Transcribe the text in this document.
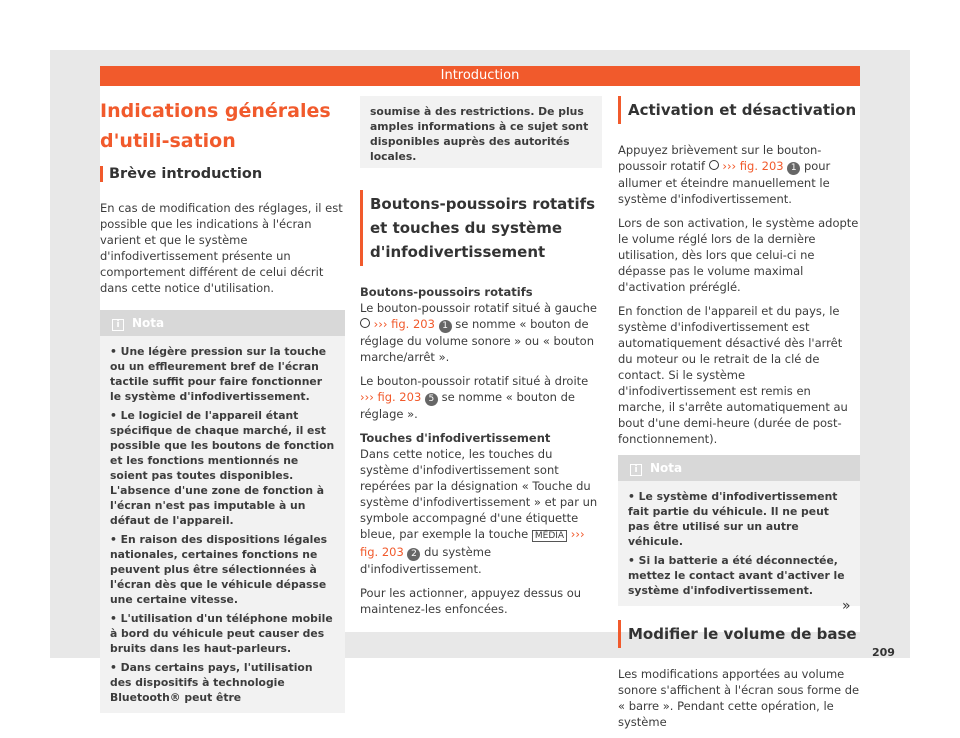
Introduction
Indications générales d'utili-sation
Brève introduction

En cas de modification des réglages, il est possible que les indications à l'écran varient et que le système d'infodivertissement présente un comportement différent de celui décrit dans cette notice d'utilisation.

i Nota
• Une légère pression sur la touche ou un effleurement bref de l'écran tactile suffit pour faire fonctionner le système d'infodivertissement.
• Le logiciel de l'appareil étant spécifique de chaque marché, il est possible que les boutons de fonction et les fonctions mentionnés ne soient pas toutes disponibles. L'absence d'une zone de fonction à l'écran n'est pas imputable à un défaut de l'appareil.
• En raison des dispositions légales nationales, certaines fonctions ne peuvent plus être sélectionnées à l'écran dès que le véhicule dépasse une certaine vitesse.
• L'utilisation d'un téléphone mobile à bord du véhicule peut causer des bruits dans les haut-parleurs.
• Dans certains pays, l'utilisation des dispositifs à technologie Bluetooth® peut être
soumise à des restrictions. De plus amples informations à ce sujet sont disponibles auprès des autorités locales.
Boutons-poussoirs rotatifs et touches du système d'infodivertissement
Boutons-poussoirs rotatifs

Le bouton-poussoir rotatif situé à gauche  ››› fig. 203 1 se nomme « bouton de réglage du volume sonore » ou « bouton marche/arrêt ».

Le bouton-poussoir rotatif situé à droite ››› fig. 203 5 se nomme « bouton de réglage ».

Touches d'infodivertissement

Dans cette notice, les touches du système d'infodivertissement sont repérées par la désignation « Touche du système d'infodivertissement » et par un symbole accompagné d'une étiquette bleue, par exemple la touche MÉDIA ››› fig. 203 2 du système d'infodivertissement.

Pour les actionner, appuyez dessus ou maintenez-les enfoncées.

Activation et désactivation

Appuyez brièvement sur le bouton-poussoir rotatif ››› fig. 203 1 pour allumer et éteindre manuellement le système d'infodivertissement.

Lors de son activation, le système adopte le volume réglé lors de la dernière utilisation, dès lors que celui-ci ne dépasse pas le volume maximal d'activation préréglé.

En fonction de l'appareil et du pays, le système d'infodivertissement est automatiquement désactivé dès l'arrêt du moteur ou le retrait de la clé de contact. Si le système d'infodivertissement est remis en marche, il s'arrête automatiquement au bout d'une demi-heure (durée de post-fonctionnement).

i Nota
• Le système d'infodivertissement fait partie du véhicule. Il ne peut pas être utilisé sur un autre véhicule.
• Si la batterie a été déconnectée, mettez le contact avant d'activer le système d'infodivertissement.
Modifier le volume de base

Les modifications apportées au volume sonore s'affichent à l'écran sous forme de « barre ». Pendant cette opération, le système

»
209
